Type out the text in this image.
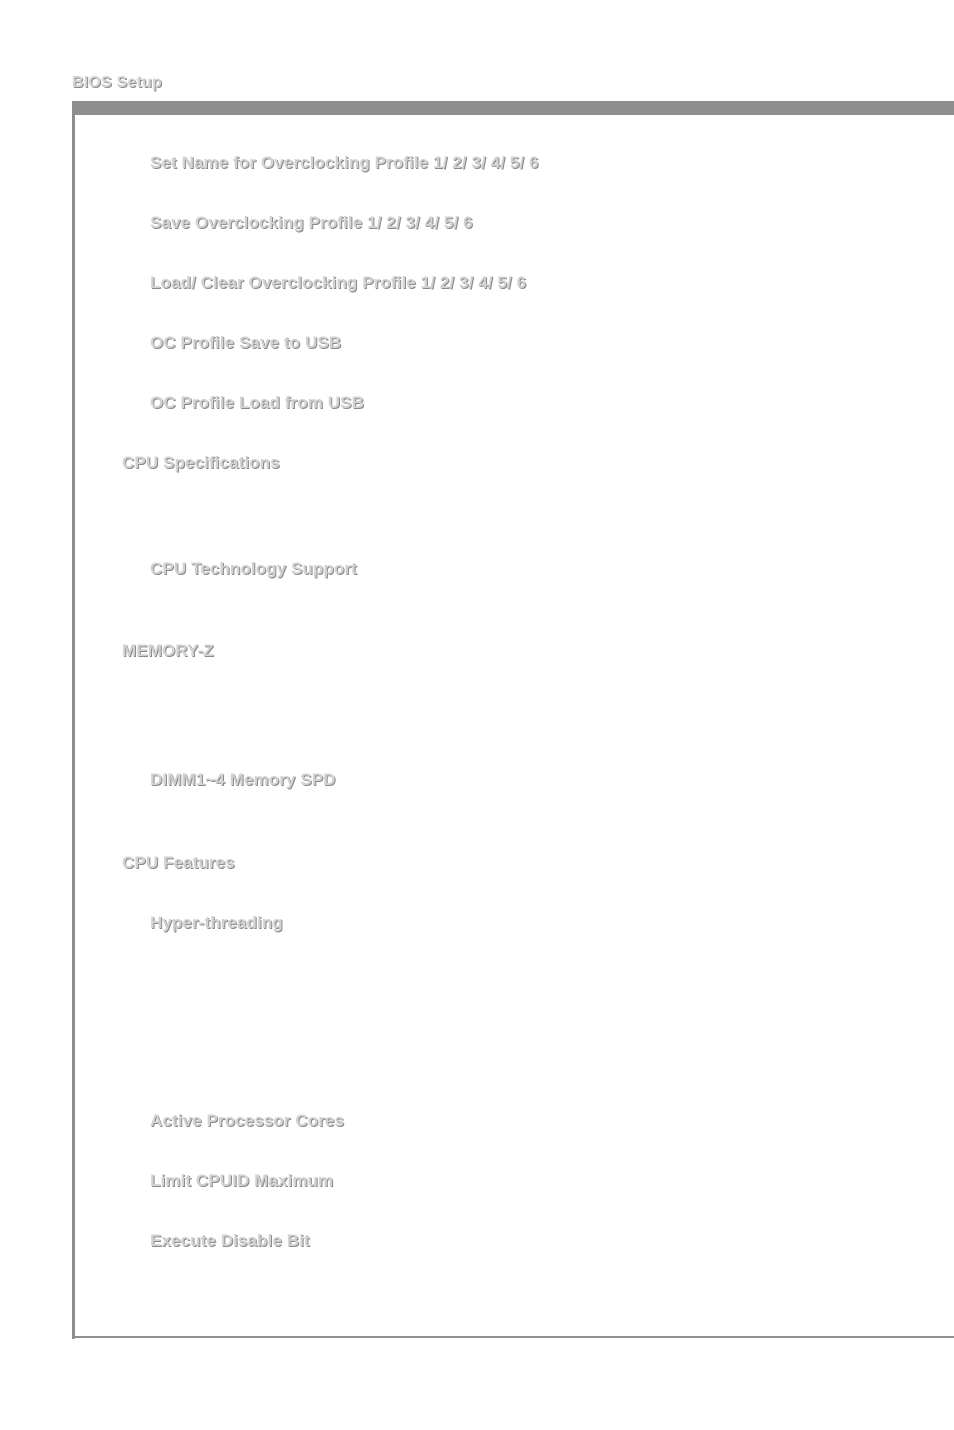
BIOS Setup
Set Name for Overclocking Profile 1/ 2/ 3/ 4/ 5/ 6
Save Overclocking Profile 1/ 2/ 3/ 4/ 5/ 6
Load/ Clear Overclocking Profile 1/ 2/ 3/ 4/ 5/ 6
OC Profile Save to USB
OC Profile Load from USB
CPU Specifications
CPU Technology Support
MEMORY-Z
DIMM1~4 Memory SPD
CPU Features
Hyper-threading
Active Processor Cores
Limit CPUID Maximum
Execute Disable Bit
